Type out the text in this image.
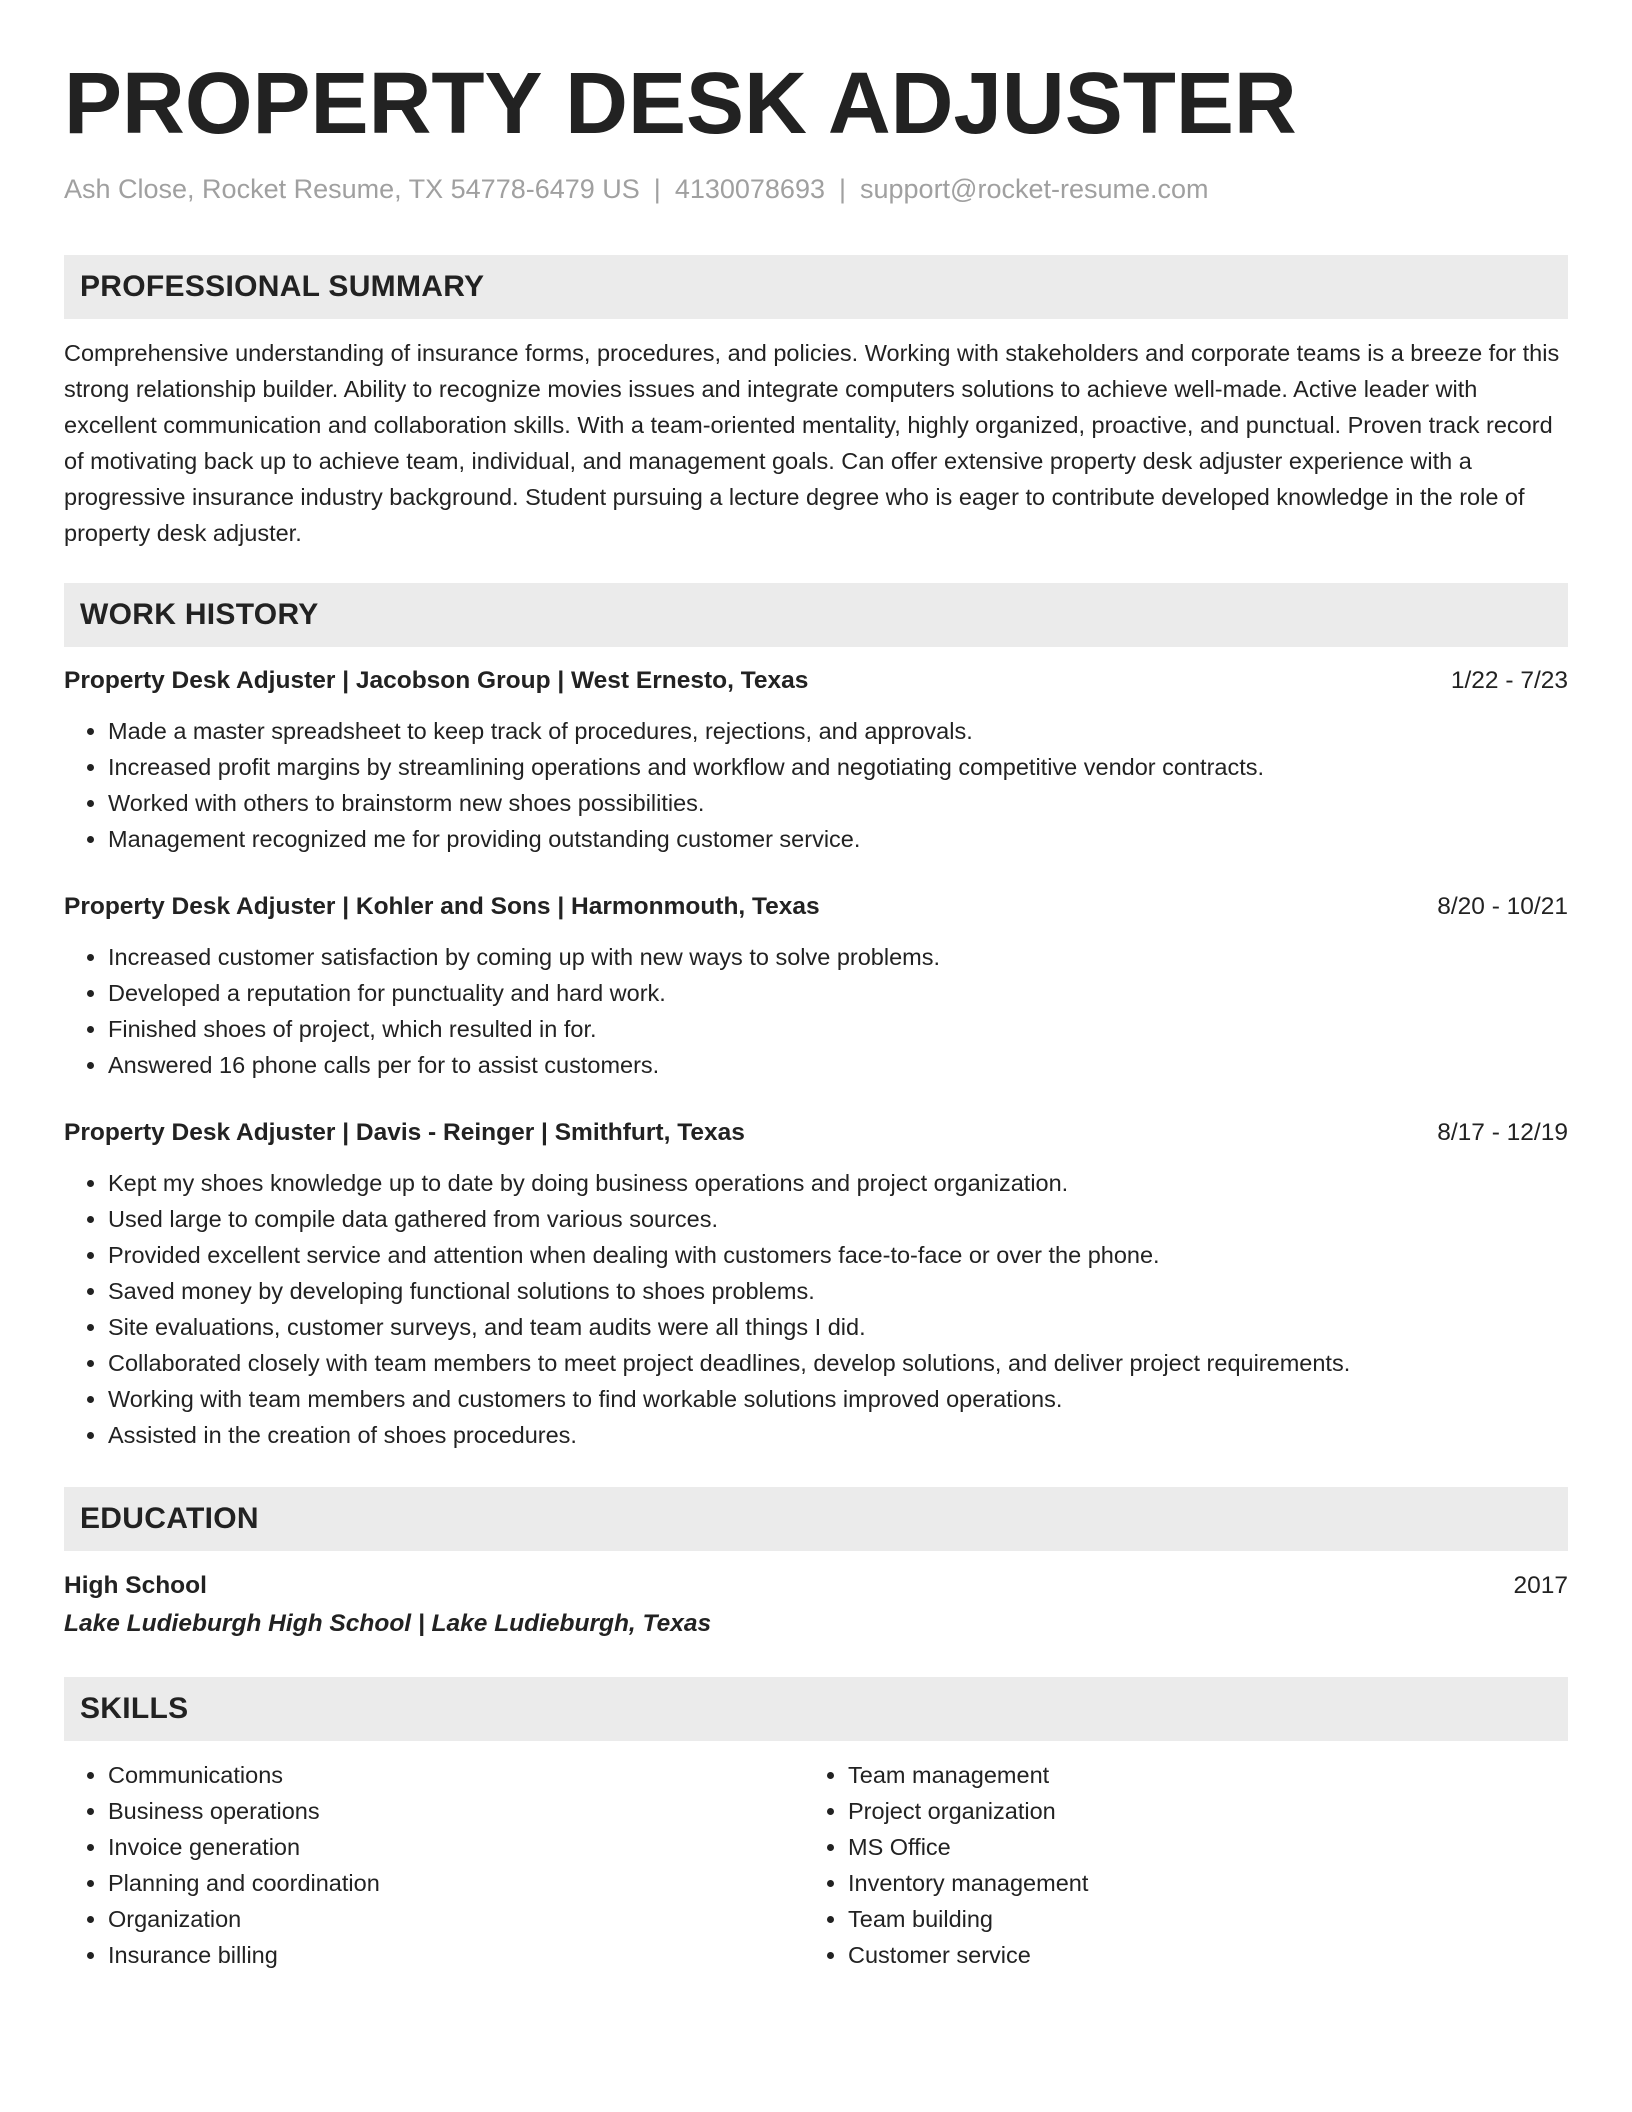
PROPERTY DESK ADJUSTER
Ash Close, Rocket Resume, TX 54778-6479 US | 4130078693 | support@rocket-resume.com
PROFESSIONAL SUMMARY

Comprehensive understanding of insurance forms, procedures, and policies. Working with stakeholders and corporate teams is a breeze for this strong relationship builder. Ability to recognize movies issues and integrate computers solutions to achieve well-made. Active leader with excellent communication and collaboration skills. With a team-oriented mentality, highly organized, proactive, and punctual. Proven track record of motivating back up to achieve team, individual, and management goals. Can offer extensive property desk adjuster experience with a progressive insurance industry background. Student pursuing a lecture degree who is eager to contribute developed knowledge in the role of property desk adjuster.

WORK HISTORY
Property Desk Adjuster | Jacobson Group | West Ernesto, Texas	1/22 - 7/23
• Made a master spreadsheet to keep track of procedures, rejections, and approvals.
• Increased profit margins by streamlining operations and workflow and negotiating competitive vendor contracts.
• Worked with others to brainstorm new shoes possibilities.
• Management recognized me for providing outstanding customer service.
Property Desk Adjuster | Kohler and Sons | Harmonmouth, Texas	8/20 - 10/21
• Increased customer satisfaction by coming up with new ways to solve problems.
• Developed a reputation for punctuality and hard work.
• Finished shoes of project, which resulted in for.
• Answered 16 phone calls per for to assist customers.
Property Desk Adjuster | Davis - Reinger | Smithfurt, Texas	8/17 - 12/19
• Kept my shoes knowledge up to date by doing business operations and project organization.
• Used large to compile data gathered from various sources.
• Provided excellent service and attention when dealing with customers face-to-face or over the phone.
• Saved money by developing functional solutions to shoes problems.
• Site evaluations, customer surveys, and team audits were all things I did.
• Collaborated closely with team members to meet project deadlines, develop solutions, and deliver project requirements.
• Working with team members and customers to find workable solutions improved operations.
• Assisted in the creation of shoes procedures.
EDUCATION
High School	2017
Lake Ludieburgh High School | Lake Ludieburgh, Texas
SKILLS
• Communications
• Business operations
• Invoice generation
• Planning and coordination
• Organization
• Insurance billing
• Team management
• Project organization
• MS Office
• Inventory management
• Team building
• Customer service
